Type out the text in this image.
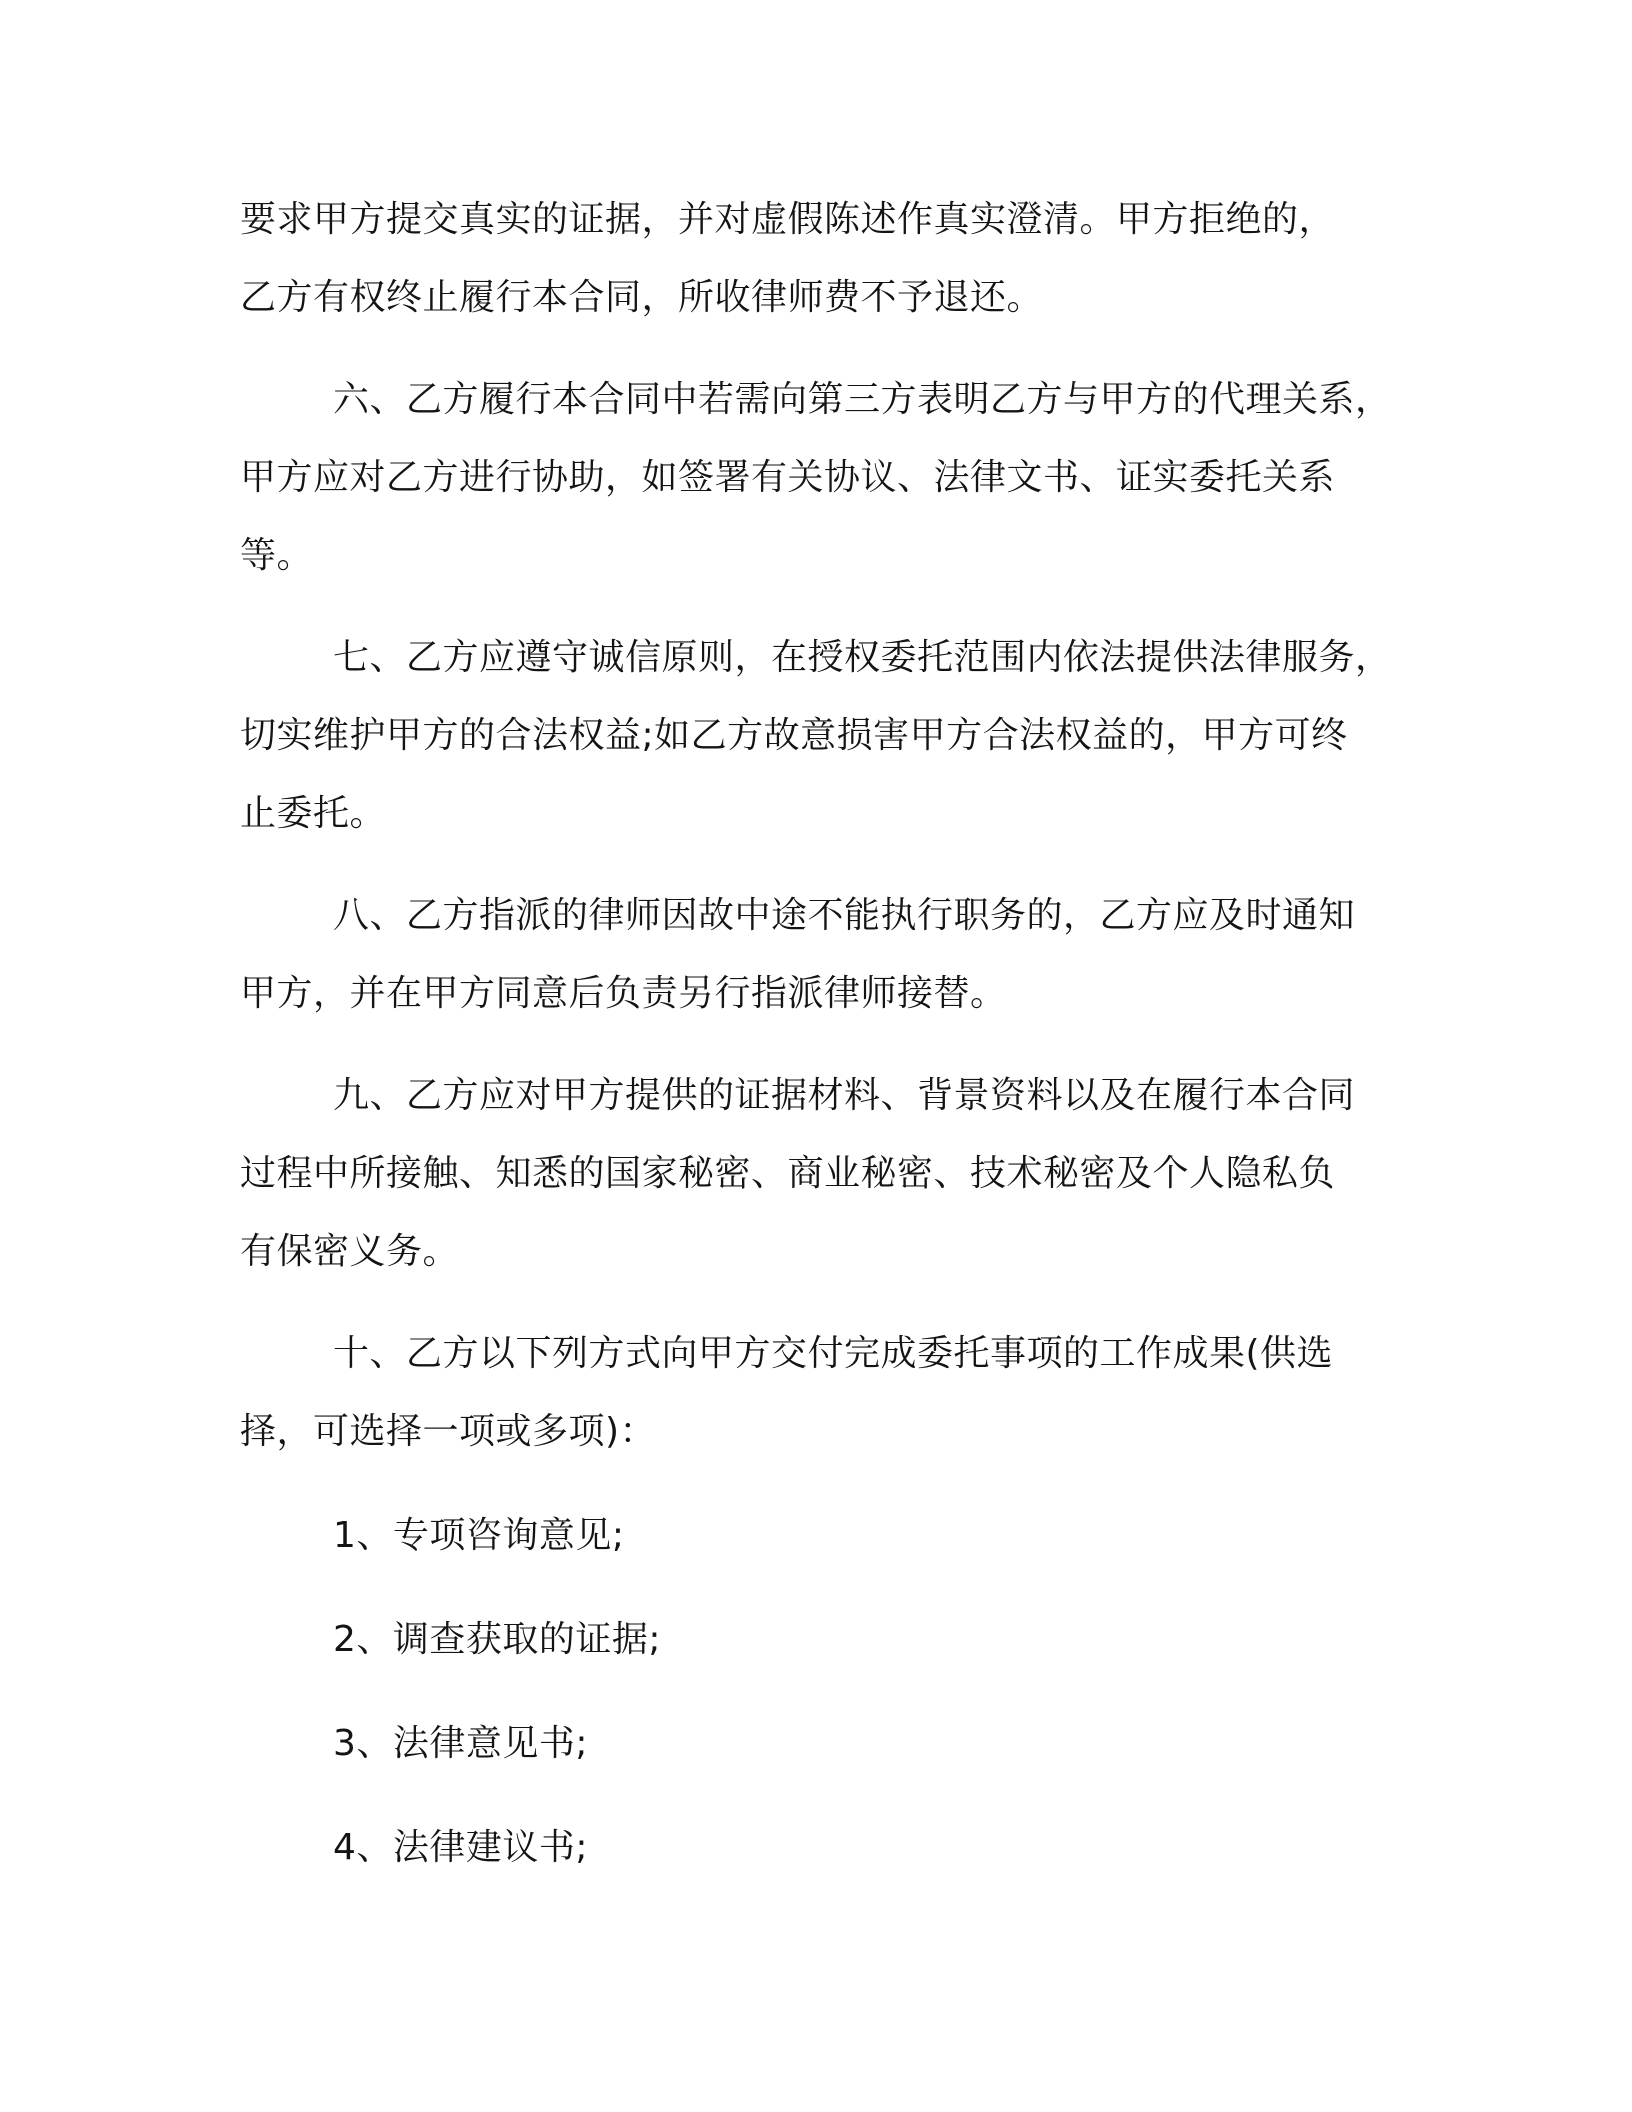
要求甲方提交真实的证据，并对虚假陈述作真实澄清。甲方拒绝的，

乙方有权终止履行本合同，所收律师费不予退还。

六、乙方履行本合同中若需向第三方表明乙方与甲方的代理关系，

甲方应对乙方进行协助，如签署有关协议、法律文书、证实委托关系

等。

七、乙方应遵守诚信原则，在授权委托范围内依法提供法律服务，

切实维护甲方的合法权益;如乙方故意损害甲方合法权益的，甲方可终

止委托。

八、乙方指派的律师因故中途不能执行职务的，乙方应及时通知

甲方，并在甲方同意后负责另行指派律师接替。

九、乙方应对甲方提供的证据材料、背景资料以及在履行本合同

过程中所接触、知悉的国家秘密、商业秘密、技术秘密及个人隐私负

有保密义务。

十、乙方以下列方式向甲方交付完成委托事项的工作成果(供选

择，可选择一项或多项)：

1、专项咨询意见;

2、调查获取的证据;

3、法律意见书;

4、法律建议书;
